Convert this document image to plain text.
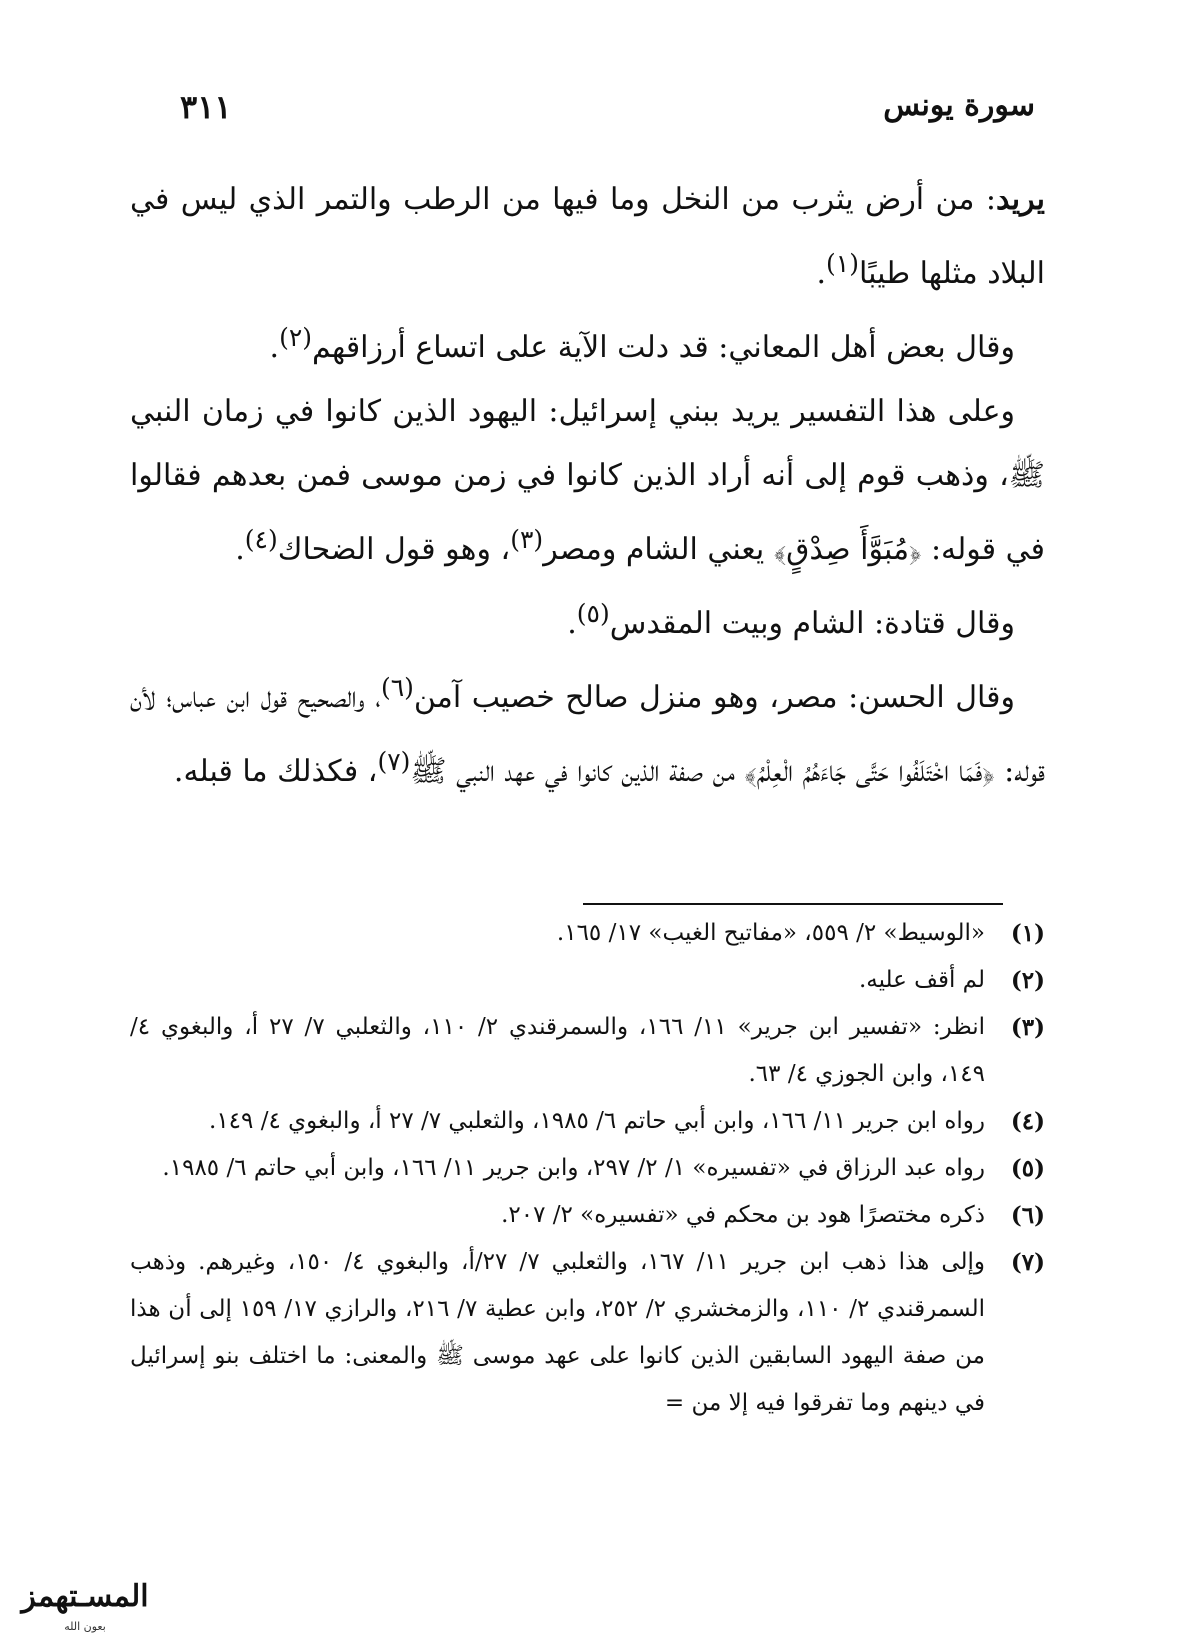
سورة يونس
٣١١

يريد: من أرض يثرب من النخل وما فيها من الرطب والتمر الذي ليس في البلاد مثلها طيبًا$^{(١)}$.

وقال بعض أهل المعاني: قد دلت الآية على اتساع أرزاقهم$^{(٢)}$.

وعلى هذا التفسير يريد ببني إسرائيل: اليهود الذين كانوا في زمان النبي ﷺ، وذهب قوم إلى أنه أراد الذين كانوا في زمن موسى فمن بعدهم فقالوا في قوله: ﴿مُبَوَّأَ صِدْقٍ﴾ يعني الشام ومصر$^{(٣)}$، وهو قول الضحاك$^{(٤)}$.

وقال قتادة: الشام وبيت المقدس$^{(٥)}$.

وقال الحسن: مصر، وهو منزل صالح خصيب آمن$^{(٦)}$، والصحيح قول ابن عباس؛ لأن قوله: ﴿فَمَا اخْتَلَفُوا حَتَّى جَاءَهُمُ الْعِلْمُ﴾ من صفة الذين كانوا في عهد النبي ﷺ$^{(٧)}$، فكذلك ما قبله.

(١)
«الوسيط» ٢/ ٥٥٩، «مفاتيح الغيب» ١٧/ ١٦٥.
(٢)
لم أقف عليه.
(٣)
انظر: «تفسير ابن جرير» ١١/ ١٦٦، والسمرقندي ٢/ ١١٠، والثعلبي ٧/ ٢٧ أ، والبغوي ٤/ ١٤٩، وابن الجوزي ٤/ ٦٣.
(٤)
رواه ابن جرير ١١/ ١٦٦، وابن أبي حاتم ٦/ ١٩٨٥، والثعلبي ٧/ ٢٧ أ، والبغوي ٤/ ١٤٩.
(٥)
رواه عبد الرزاق في «تفسيره» ١/ ٢/ ٢٩٧، وابن جرير ١١/ ١٦٦، وابن أبي حاتم ٦/ ١٩٨٥.
(٦)
ذكره مختصرًا هود بن محكم في «تفسيره» ٢/ ٢٠٧.
(٧)
وإلى هذا ذهب ابن جرير ١١/ ١٦٧، والثعلبي ٧/ ٢٧/أ، والبغوي ٤/ ١٥٠، وغيرهم. وذهب السمرقندي ٢/ ١١٠، والزمخشري ٢/ ٢٥٢، وابن عطية ٧/ ٢١٦، والرازي ١٧/ ١٥٩ إلى أن هذا من صفة اليهود السابقين الذين كانوا على عهد موسى ﷺ والمعنى: ما اختلف بنو إسرائيل في دينهم وما تفرقوا فيه إلا من =
المسـتهمز
بعون الله
